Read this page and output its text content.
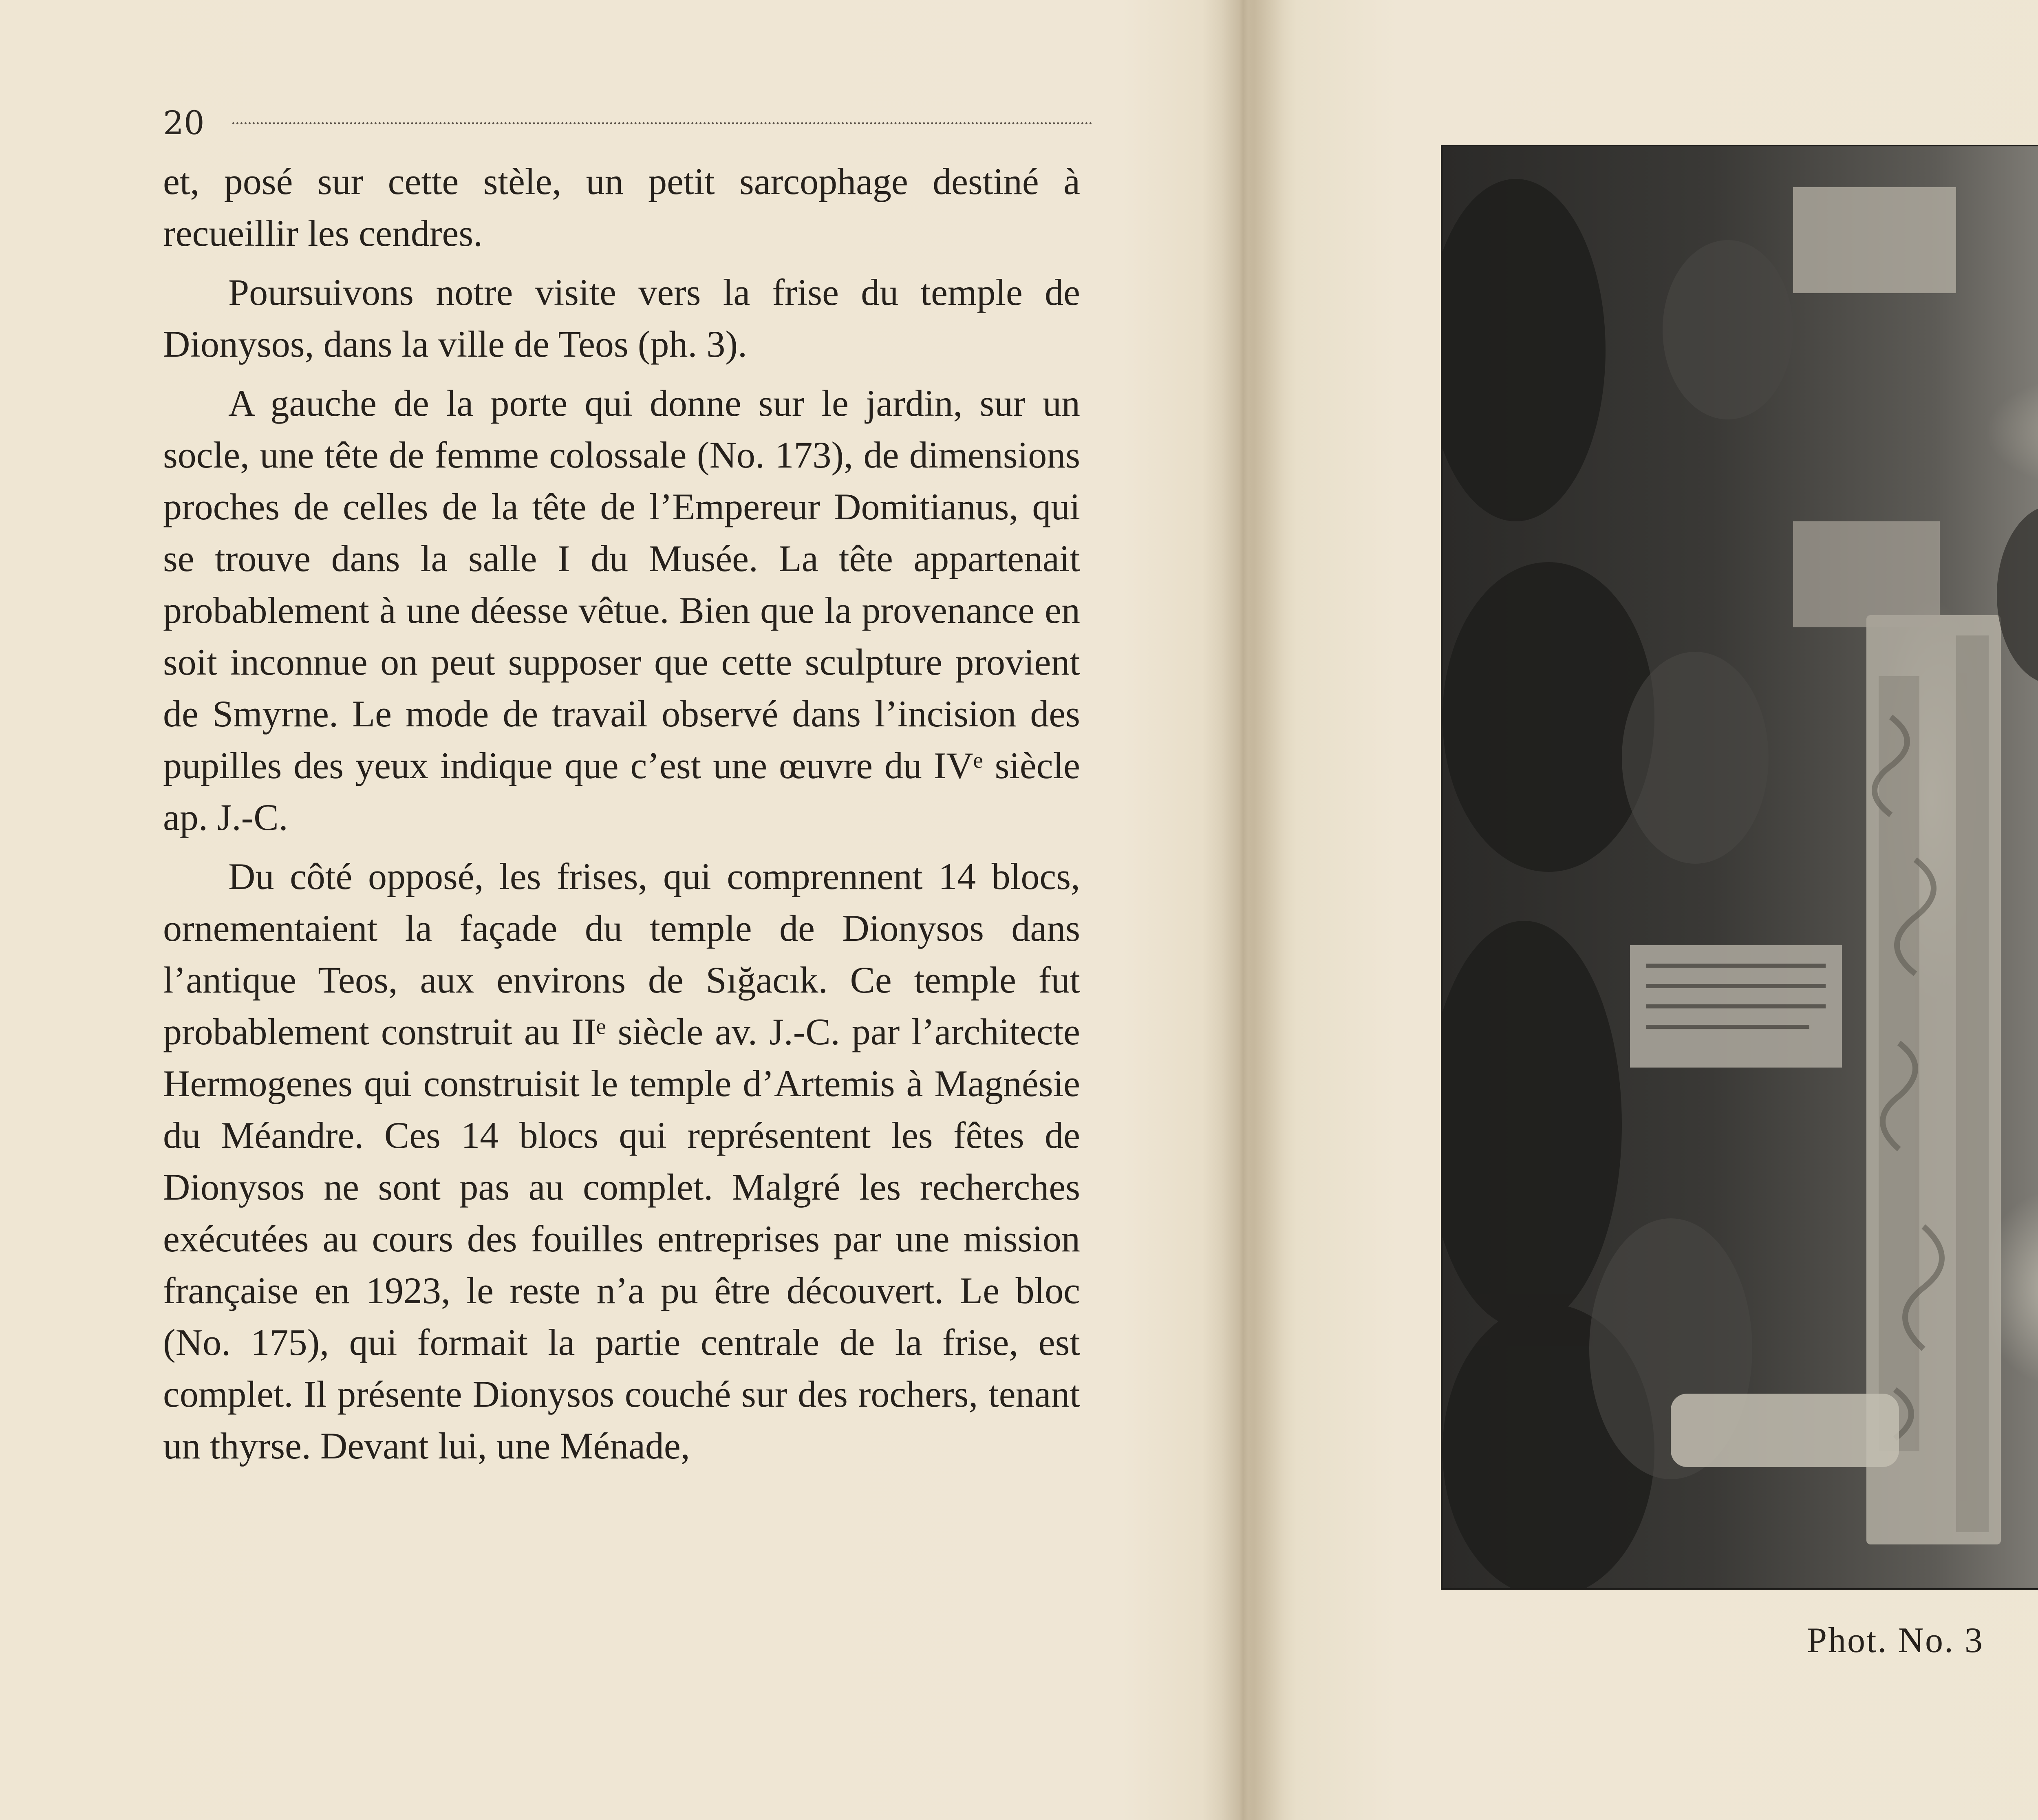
20

et, posé sur cette stèle, un petit sarcophage destiné à recueillir les cendres.

Poursuivons notre visite vers la frise du temple de Dionysos, dans la ville de Teos (ph. 3).

A gauche de la porte qui donne sur le jardin, sur un socle, une tête de femme colossale (No. 173), de dimensions proches de celles de la tête de l’Empereur Domitianus, qui se trouve dans la salle I du Musée. La tête appartenait probablement à une déesse vêtue. Bien que la provenance en soit inconnue on peut supposer que cette sculpture provient de Smyrne. Le mode de travail observé dans l’incision des pupilles des yeux indique que c’est une œuvre du IVᵉ siècle ap. J.-C.

Du côté opposé, les frises, qui comprennent 14 blocs, ornementaient la façade du temple de Dionysos dans l’antique Teos, aux environs de Sığacık. Ce temple fut probablement construit au IIᵉ siècle av. J.-C. par l’architecte Hermogenes qui construisit le temple d’Artemis à Magnésie du Méandre. Ces 14 blocs qui représentent les fêtes de Dionysos ne sont pas au complet. Malgré les recherches exécutées au cours des fouilles entreprises par une mission française en 1923, le reste n’a pu être découvert. Le bloc (No. 175), qui formait la partie centrale de la frise, est complet. Il présente Dionysos couché sur des rochers, tenant un thyrse. Devant lui, une Ménade,

Phot. No. 3
